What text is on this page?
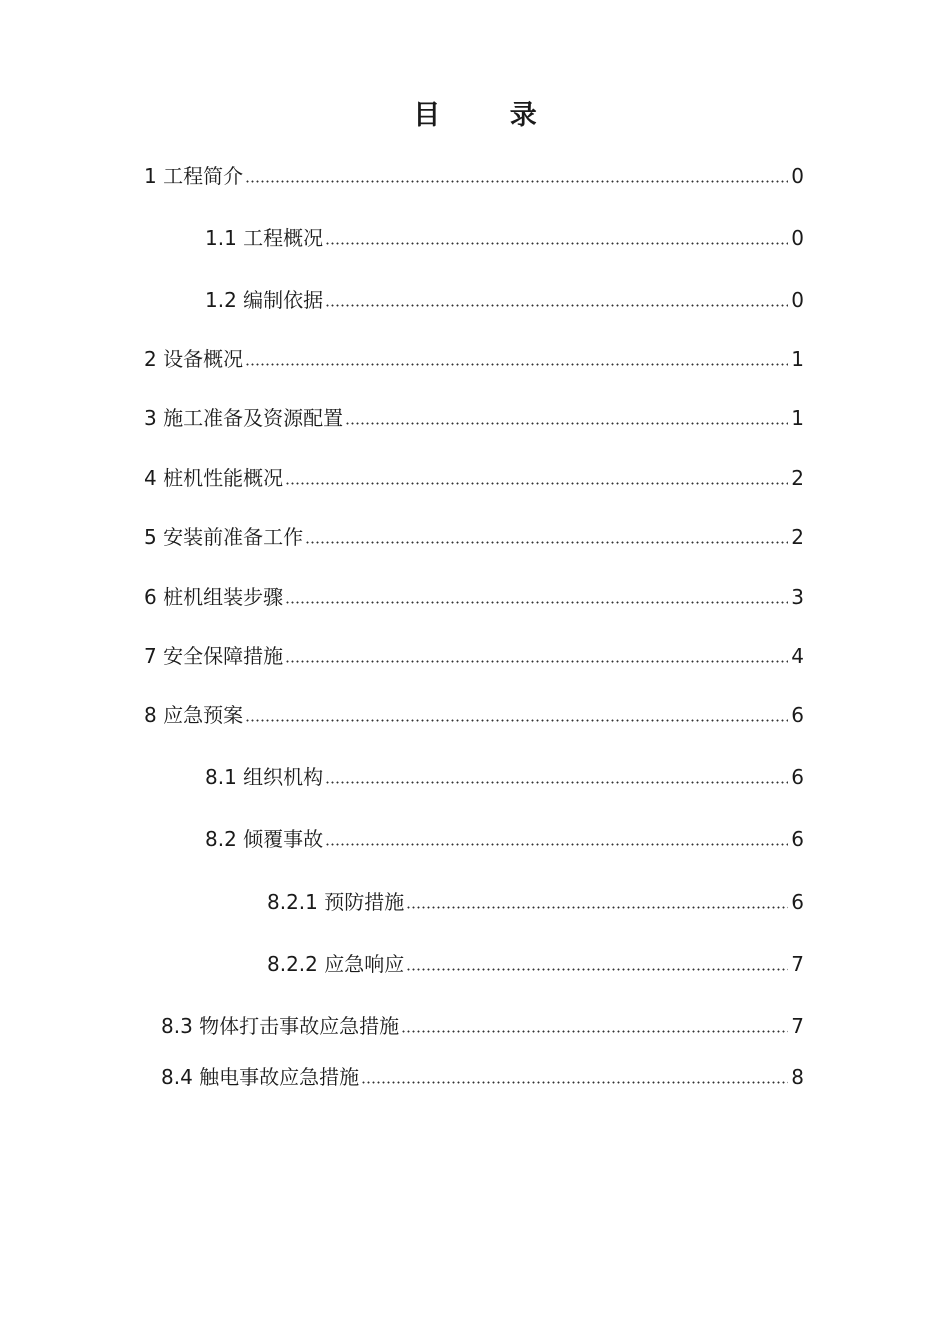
目 录
1 工程简介	0
1.1 工程概况	0
1.2 编制依据	0
2 设备概况	1
3 施工准备及资源配置	1
4 桩机性能概况	2
5 安装前准备工作	2
6 桩机组装步骤	3
7 安全保障措施	4
8 应急预案	6
8.1 组织机构	6
8.2 倾覆事故	6
8.2.1 预防措施	6
8.2.2 应急响应	7
8.3 物体打击事故应急措施	7
8.4 触电事故应急措施	8
